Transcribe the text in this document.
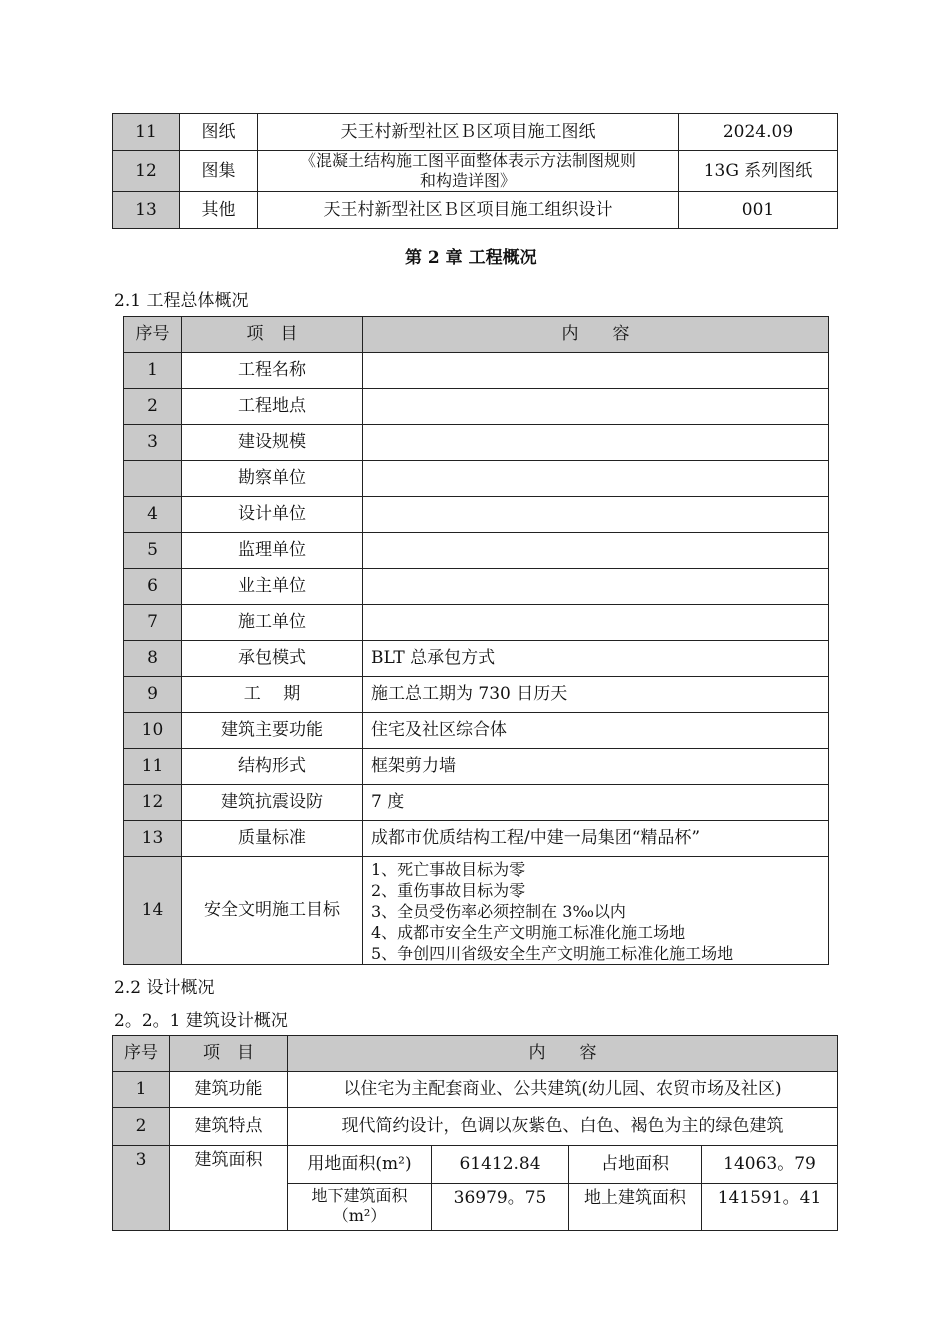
11	图纸	天王村新型社区Ｂ区项目施工图纸	2024.09
12	图集	《混凝土结构施工图平面整体表示方法制图规则
和构造详图》	13G 系列图纸
13	其他	天王村新型社区Ｂ区项目施工组织设计	001
第 2 章 工程概况
2.1 工程总体概况
序号	项　目	内　　容
1	工程名称	
2	工程地点	
3	建设规模	
	勘察单位	
4	设计单位	
5	监理单位	
6	业主单位	
7	施工单位	
8	承包模式	BLT 总承包方式
9	工　 期	施工总工期为 730 日历天
10	建筑主要功能	住宅及社区综合体
11	结构形式	框架剪力墙
12	建筑抗震设防	7 度
13	质量标准	成都市优质结构工程/中建一局集团“精品杯”
14	安全文明施工目标	1、死亡事故目标为零
2、重伤事故目标为零
3、全员受伤率必须控制在 3‰以内
4、成都市安全生产文明施工标准化施工场地
5、争创四川省级安全生产文明施工标准化施工场地
2.2 设计概况
2。2。1 建筑设计概况
序号	项　目	内　　容			
1	建筑功能	以住宅为主配套商业、公共建筑(幼儿园、农贸市场及社区)			
2	建筑特点	现代简约设计，色调以灰紫色、白色、褐色为主的绿色建筑			
3	建筑面积	用地面积(m²)	61412.84	占地面积	14063。79

		地下建筑面积
（m²）	36979。75	地上建筑面积	141591。41
